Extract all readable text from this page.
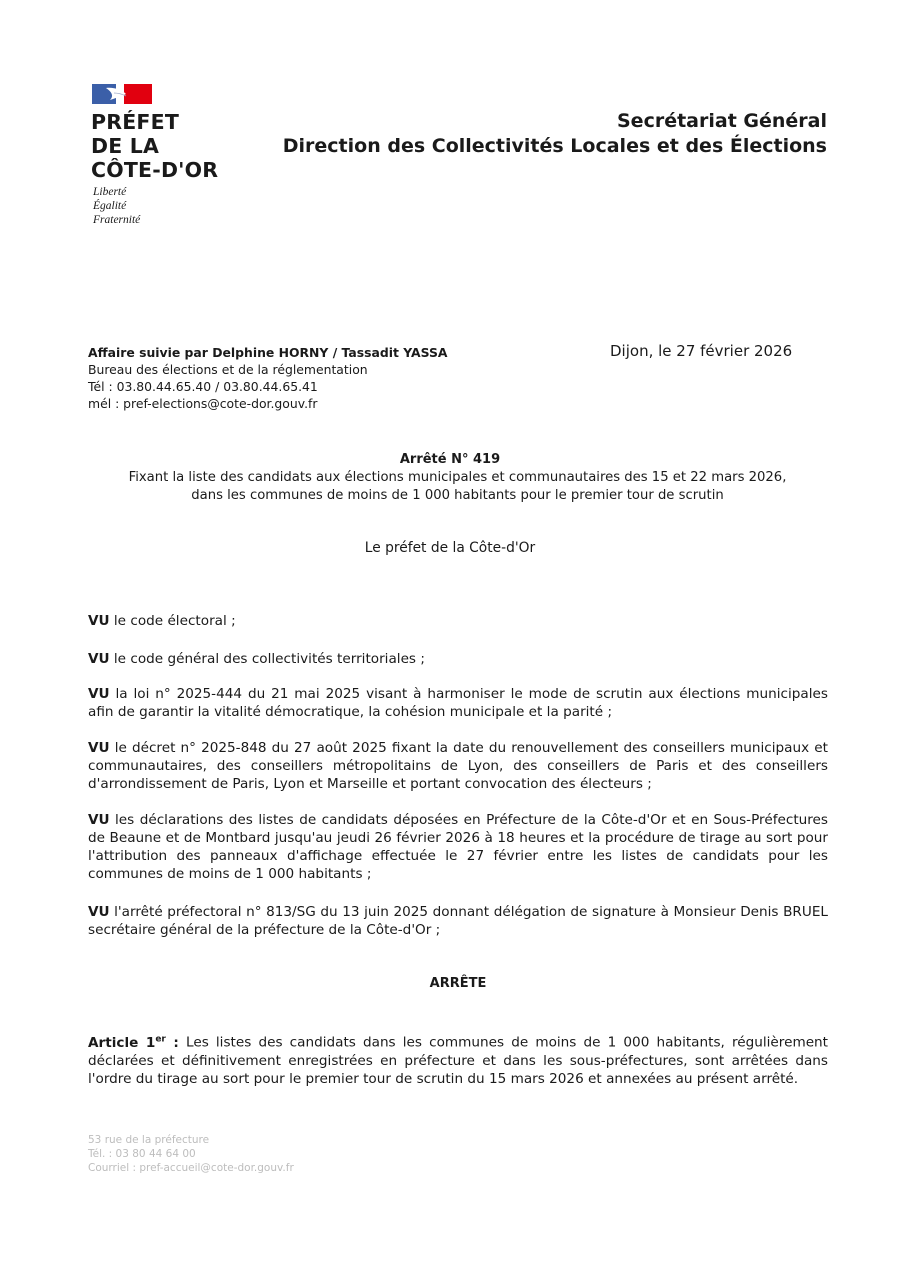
PRÉFET
DE LA
CÔTE-D'OR
Liberté
Égalité
Fraternité
Secrétariat Général
Direction des Collectivités Locales et des Élections
Affaire suivie par Delphine HORNY / Tassadit YASSA
Bureau des élections et de la réglementation
Tél : 03.80.44.65.40 / 03.80.44.65.41
mél : pref-elections@cote-dor.gouv.fr
Dijon, le 27 février 2026
Arrêté N° 419
Fixant la liste des candidats aux élections municipales et communautaires des 15 et 22 mars 2026,
dans les communes de moins de 1 000 habitants pour le premier tour de scrutin
Le préfet de la Côte-d'Or
VU le code électoral ;
VU le code général des collectivités territoriales ;
VU la loi n° 2025-444 du 21 mai 2025 visant à harmoniser le mode de scrutin aux élections municipales afin de garantir la vitalité démocratique, la cohésion municipale et la parité ;
VU le décret n° 2025-848 du 27 août 2025 fixant la date du renouvellement des conseillers municipaux et communautaires, des conseillers métropolitains de Lyon, des conseillers de Paris et des conseillers d'arrondissement de Paris, Lyon et Marseille et portant convocation des électeurs ;
VU les déclarations des listes de candidats déposées en Préfecture de la Côte-d'Or et en Sous-Préfectures de Beaune et de Montbard jusqu'au jeudi 26 février 2026 à 18 heures et la procédure de tirage au sort pour l'attribution des panneaux d'affichage effectuée le 27 février entre les listes de candidats pour les communes de moins de 1 000 habitants ;
VU l'arrêté préfectoral n° 813/SG du 13 juin 2025 donnant délégation de signature à Monsieur Denis BRUEL secrétaire général de la préfecture de la Côte-d'Or ;
ARRÊTE
Article 1er : Les listes des candidats dans les communes de moins de 1 000 habitants, régulièrement déclarées et définitivement enregistrées en préfecture et dans les sous-préfectures, sont arrêtées dans l'ordre du tirage au sort pour le premier tour de scrutin du 15 mars 2026 et annexées au présent arrêté.
53 rue de la préfecture
Tél. : 03 80 44 64 00
Courriel : pref-accueil@cote-dor.gouv.fr
